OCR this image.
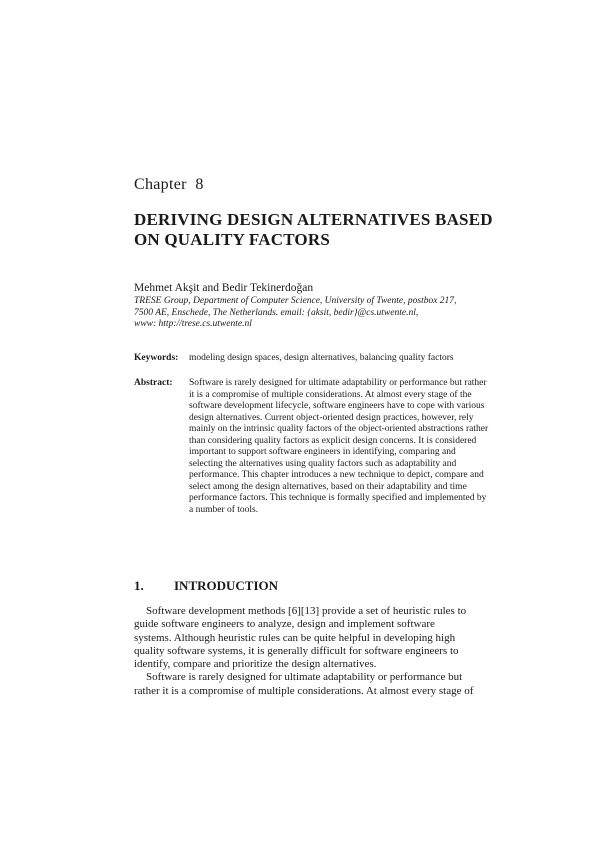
Chapter  8
DERIVING DESIGN ALTERNATIVES BASED ON QUALITY FACTORS
Mehmet Akşit and Bedir Tekinerdoğan
TRESE Group, Department of Computer Science, University of Twente, postbox 217,
7500 AE, Enschede, The Netherlands. email: {aksit, bedir}@cs.utwente.nl,
www: http://trese.cs.utwente.nl
Keywords: modeling design spaces, design alternatives, balancing quality factors
Abstract: Software is rarely designed for ultimate adaptability or performance but rather
it is a compromise of multiple considerations. At almost every stage of the
software development lifecycle, software engineers have to cope with various
design alternatives. Current object-oriented design practices, however, rely
mainly on the intrinsic quality factors of the object-oriented abstractions rather
than considering quality factors as explicit design concerns. It is considered
important to support software engineers in identifying, comparing and
selecting the alternatives using quality factors such as adaptability and
performance. This chapter introduces a new technique to depict, compare and
select among the design alternatives, based on their adaptability and time
performance factors. This technique is formally specified and implemented by
a number of tools.
1. INTRODUCTION
Software development methods [6][13] provide a set of heuristic rules to
guide software engineers to analyze, design and implement software
systems. Although heuristic rules can be quite helpful in developing high
quality software systems, it is generally difficult for software engineers to
identify, compare and prioritize the design alternatives.
Software is rarely designed for ultimate adaptability or performance but
rather it is a compromise of multiple considerations. At almost every stage of
